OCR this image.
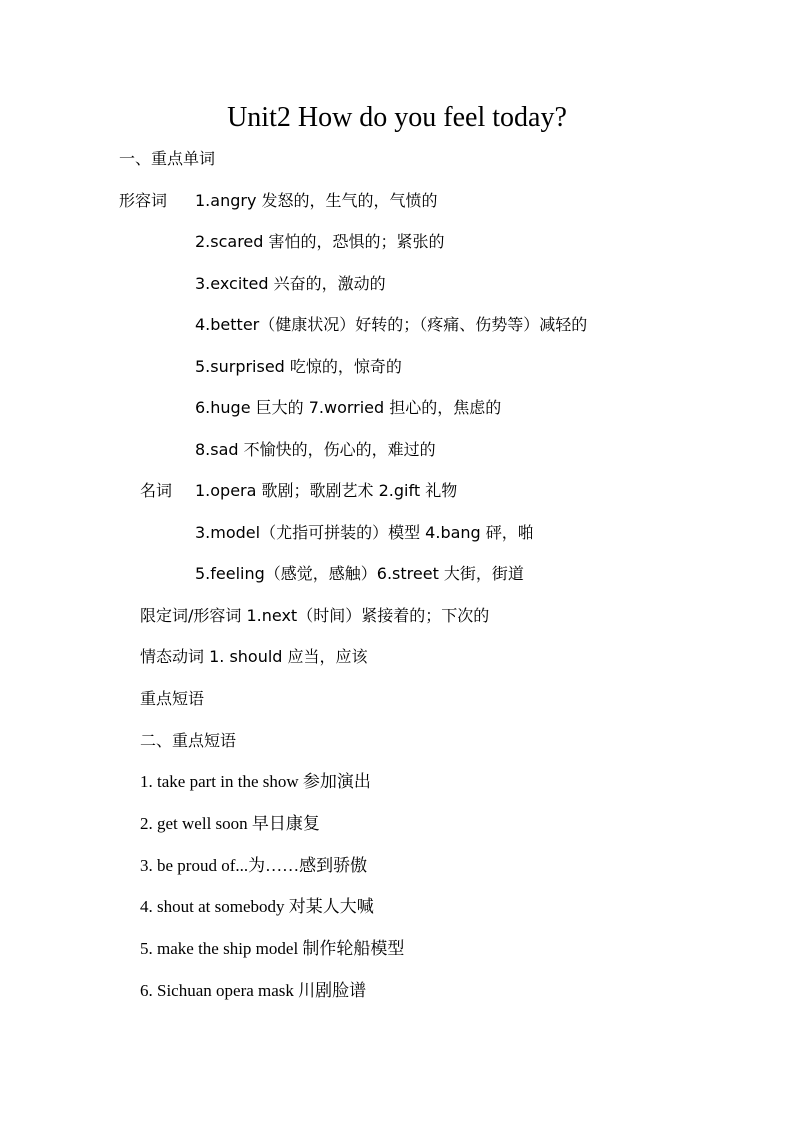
Unit2 How do you feel today?
一、重点单词
形容词 1.angry 发怒的，生气的，气愤的
2.scared 害怕的，恐惧的；紧张的
3.excited 兴奋的，激动的
4.better（健康状况）好转的；（疼痛、伤势等）减轻的
5.surprised 吃惊的，惊奇的
6.huge 巨大的 7.worried 担心的，焦虑的
8.sad 不愉快的，伤心的，难过的
名词 1.opera 歌剧；歌剧艺术 2.gift 礼物
3.model（尤指可拼装的）模型 4.bang 砰，啪
5.feeling（感觉，感触）6.street 大街，街道
限定词/形容词 1.next（时间）紧接着的；下次的
情态动词 1. should 应当，应该
重点短语
二、重点短语
1. take part in the show 参加演出
2. get well soon 早日康复
3. be proud of...为……感到骄傲
4. shout at somebody 对某人大喊
5. make the ship model 制作轮船模型
6. Sichuan opera mask 川剧脸谱
